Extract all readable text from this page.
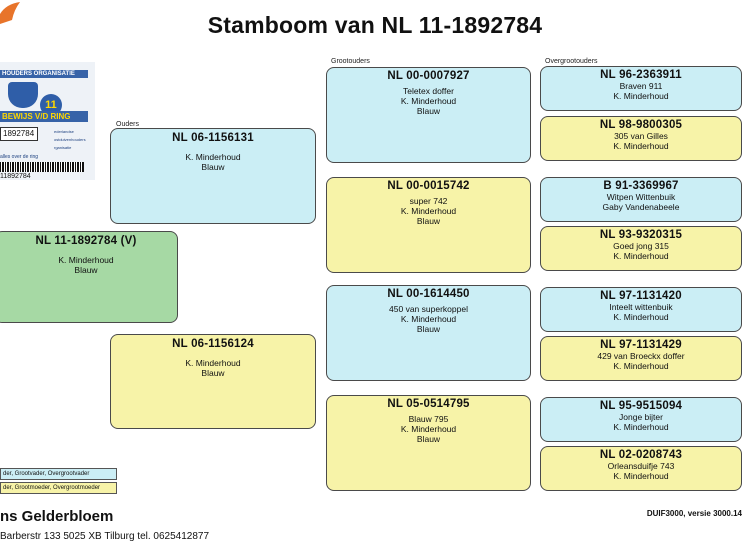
Stamboom van NL 11-1892784
Ouders
Grootouders	Overgrootouders
HOUDERS ORGANISATIE
11
BEWIJS V/D RING
1892784	ederlandse
ostduivenhouders
rganisatie
alles over de ring
11892784
NL 11-1892784 (V)
K. Minderhoud
Blauw
NL 06-1156131
K. Minderhoud
Blauw
NL 06-1156124
K. Minderhoud
Blauw
NL 00-0007927
Teletex doffer
K. Minderhoud
Blauw
NL 00-0015742
super 742
K. Minderhoud
Blauw
NL 00-1614450
450 van superkoppel
K. Minderhoud
Blauw
NL 05-0514795
Blauw 795
K. Minderhoud
Blauw
NL 96-2363911
Braven 911
K. Minderhoud
NL 98-9800305
305 van Gilles
K. Minderhoud
B 91-3369967
Witpen Wittenbuik
Gaby Vandenabeele
NL 93-9320315
Goed jong 315
K. Minderhoud
NL 97-1131420
Inteelt wittenbuik
K. Minderhoud
NL 97-1131429
429 van Broeckx doffer
K. Minderhoud
NL 95-9515094
Jonge bijter
K. Minderhoud
NL 02-0208743
Orleansduifje 743
K. Minderhoud
der, Grootvader, Overgrootvader
der, Grootmoeder, Overgrootmoeder
ns Gelderbloem
Barberstr 133 5025 XB Tilburg tel. 0625412877
DUIF3000, versie 3000.14
